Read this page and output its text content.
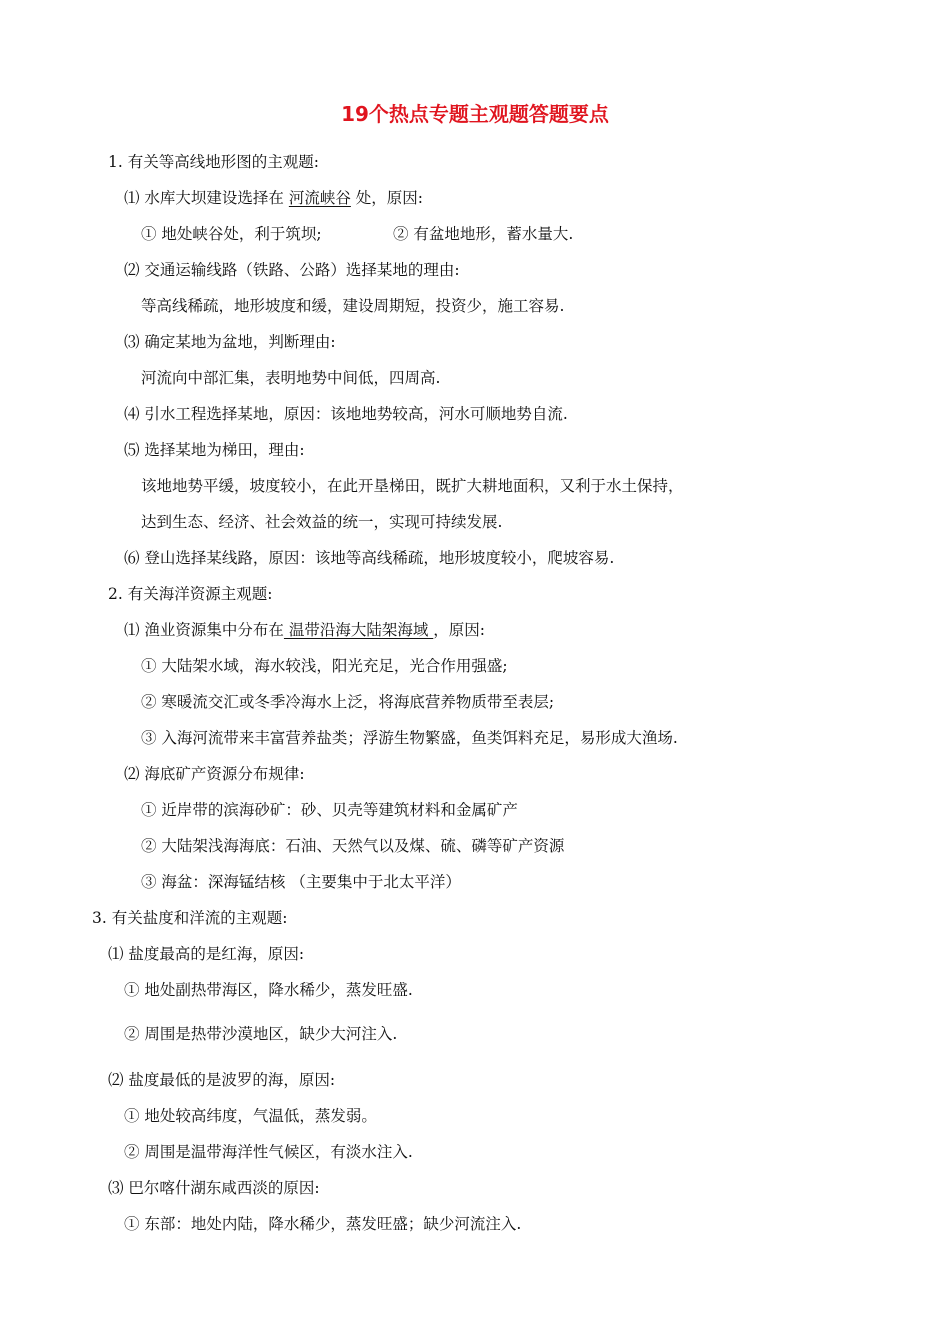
19个热点专题主观题答题要点
1. 有关等高线地形图的主观题:
⑴ 水库大坝建设选择在 河流峡谷 处，原因:
① 地处峡谷处，利于筑坝;	② 有盆地地形，蓄水量大.
⑵ 交通运输线路（铁路、公路）选择某地的理由:
等高线稀疏，地形坡度和缓，建设周期短，投资少，施工容易.
⑶ 确定某地为盆地，判断理由:
河流向中部汇集，表明地势中间低，四周高.
⑷ 引水工程选择某地，原因：该地地势较高，河水可顺地势自流.
⑸ 选择某地为梯田，理由:
该地地势平缓，坡度较小，在此开垦梯田，既扩大耕地面积，又利于水土保持，
达到生态、经济、社会效益的统一，实现可持续发展.
⑹ 登山选择某线路，原因：该地等高线稀疏，地形坡度较小，爬坡容易.
2. 有关海洋资源主观题:
⑴ 渔业资源集中分布在 温带沿海大陆架海域 ，原因:
① 大陆架水域，海水较浅，阳光充足，光合作用强盛;
② 寒暖流交汇或冬季冷海水上泛，将海底营养物质带至表层;
③ 入海河流带来丰富营养盐类；浮游生物繁盛，鱼类饵料充足，易形成大渔场.
⑵ 海底矿产资源分布规律:
① 近岸带的滨海砂矿：砂、贝壳等建筑材料和金属矿产
② 大陆架浅海海底：石油、天然气以及煤、硫、磷等矿产资源
③ 海盆：深海锰结核 （主要集中于北太平洋）
3. 有关盐度和洋流的主观题:
⑴ 盐度最高的是红海，原因:
① 地处副热带海区，降水稀少，蒸发旺盛.
② 周围是热带沙漠地区，缺少大河注入.
⑵ 盐度最低的是波罗的海，原因:
① 地处较高纬度，气温低，蒸发弱。
② 周围是温带海洋性气候区，有淡水注入.
⑶ 巴尔喀什湖东咸西淡的原因:
① 东部：地处内陆，降水稀少，蒸发旺盛；缺少河流注入.
